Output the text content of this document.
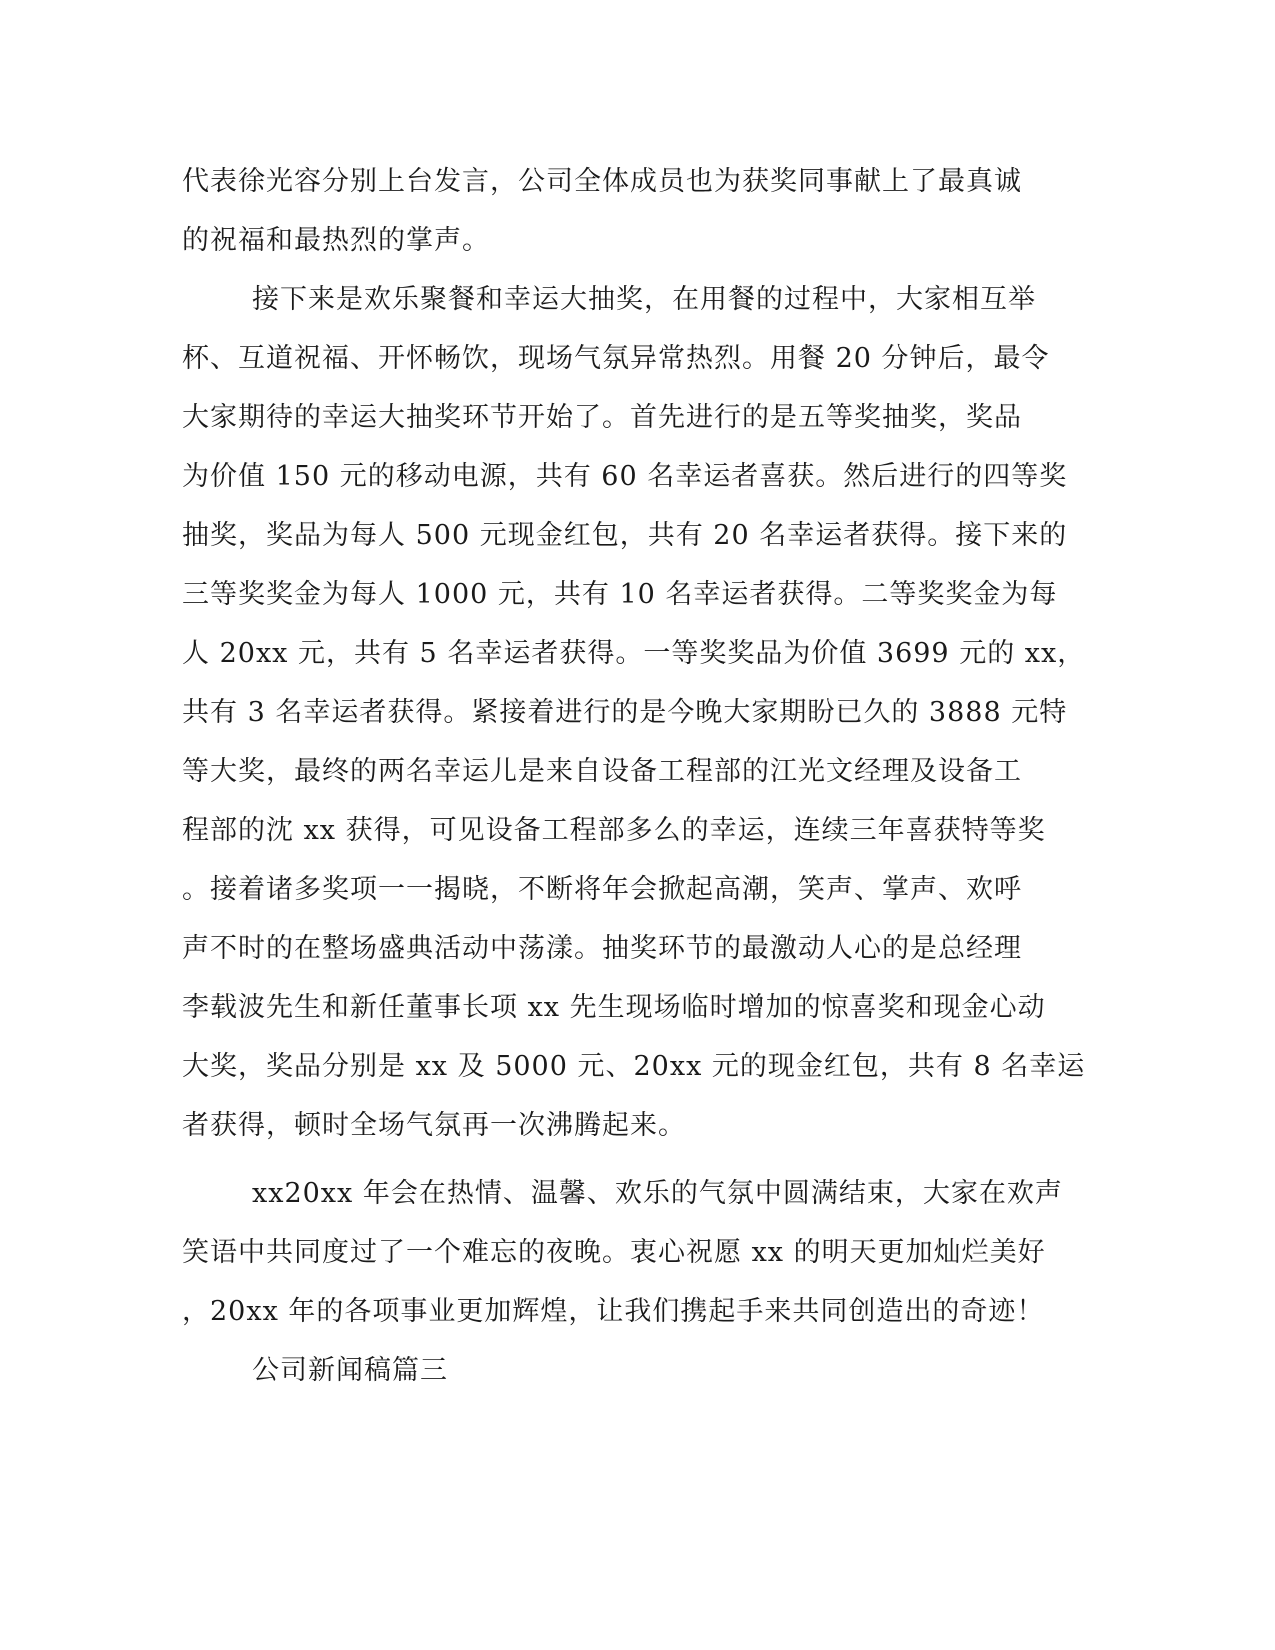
代表徐光容分别上台发言，公司全体成员也为获奖同事献上了最真诚
的祝福和最热烈的掌声。
接下来是欢乐聚餐和幸运大抽奖，在用餐的过程中，大家相互举
杯、互道祝福、开怀畅饮，现场气氛异常热烈。用餐 20 分钟后，最令
大家期待的幸运大抽奖环节开始了。首先进行的是五等奖抽奖，奖品
为价值 150 元的移动电源，共有 60 名幸运者喜获。然后进行的四等奖
抽奖，奖品为每人 500 元现金红包，共有 20 名幸运者获得。接下来的
三等奖奖金为每人 1000 元，共有 10 名幸运者获得。二等奖奖金为每
人 20xx 元，共有 5 名幸运者获得。一等奖奖品为价值 3699 元的 xx，
共有 3 名幸运者获得。紧接着进行的是今晚大家期盼已久的 3888 元特
等大奖，最终的两名幸运儿是来自设备工程部的江光文经理及设备工
程部的沈 xx 获得，可见设备工程部多么的幸运，连续三年喜获特等奖
。接着诸多奖项一一揭晓，不断将年会掀起高潮，笑声、掌声、欢呼
声不时的在整场盛典活动中荡漾。抽奖环节的最激动人心的是总经理
李载波先生和新任董事长项 xx 先生现场临时增加的惊喜奖和现金心动
大奖，奖品分别是 xx 及 5000 元、20xx 元的现金红包，共有 8 名幸运
者获得，顿时全场气氛再一次沸腾起来。
xx20xx 年会在热情、温馨、欢乐的气氛中圆满结束，大家在欢声
笑语中共同度过了一个难忘的夜晚。衷心祝愿 xx 的明天更加灿烂美好
，20xx 年的各项事业更加辉煌，让我们携起手来共同创造出的奇迹！
公司新闻稿篇三
